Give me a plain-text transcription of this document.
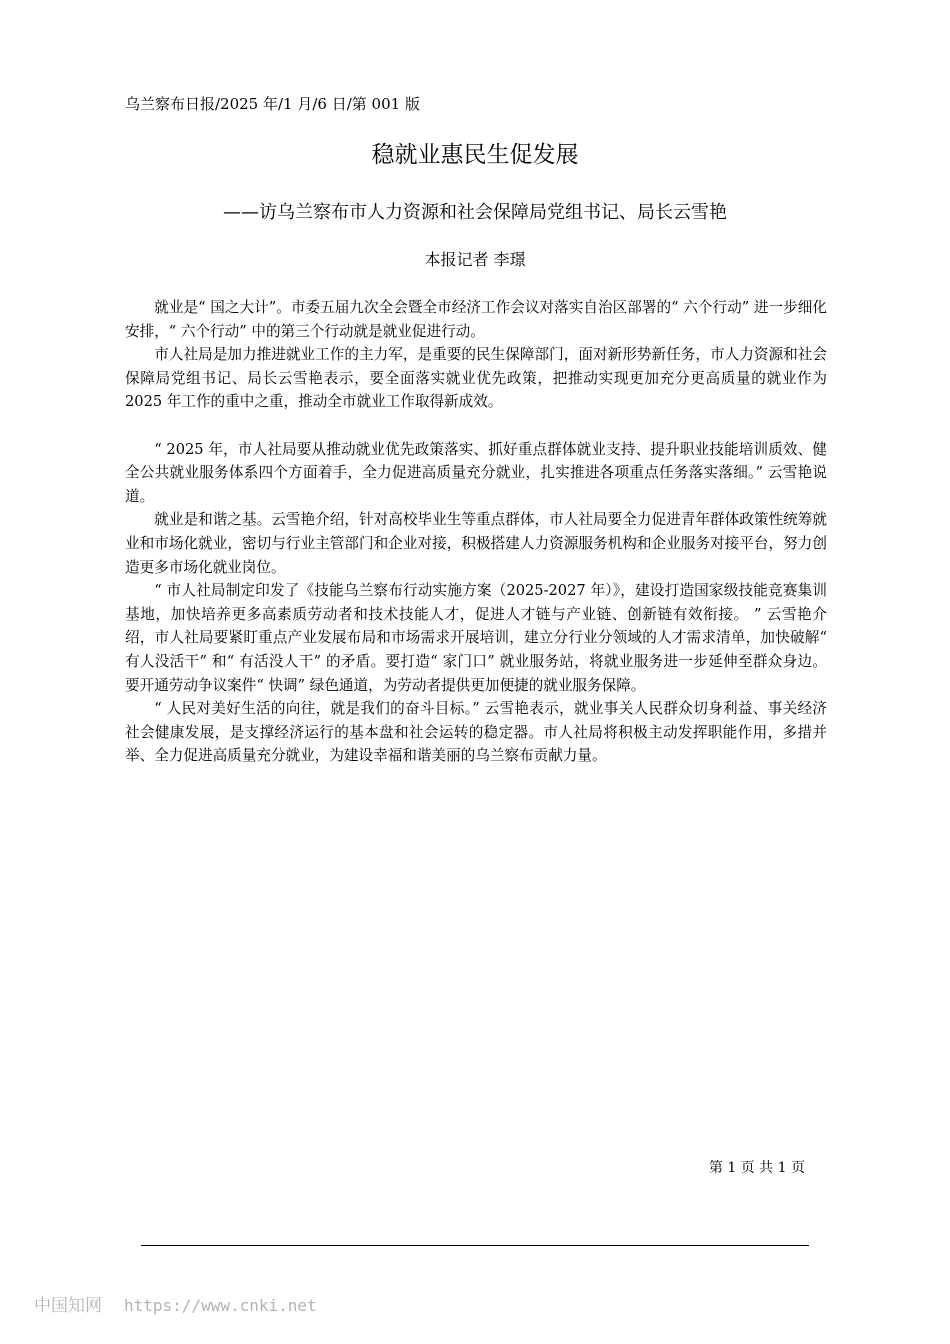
乌兰察布日报/2025 年/1 月/6 日/第 001 版
稳就业惠民生促发展
——访乌兰察布市人力资源和社会保障局党组书记、局长云雪艳
本报记者 李璟

就业是“ 国之大计”。市委五届九次全会暨全市经济工作会议对落实自治区部署的“ 六个行动” 进一步细化安排，“ 六个行动” 中的第三个行动就是就业促进行动。

市人社局是加力推进就业工作的主力军，是重要的民生保障部门，面对新形势新任务，市人力资源和社会保障局党组书记、局长云雪艳表示，要全面落实就业优先政策，把推动实现更加充分更高质量的就业作为 2025 年工作的重中之重，推动全市就业工作取得新成效。

“ 2025 年，市人社局要从推动就业优先政策落实、抓好重点群体就业支持、提升职业技能培训质效、健全公共就业服务体系四个方面着手，全力促进高质量充分就业，扎实推进各项重点任务落实落细。” 云雪艳说道。

就业是和谐之基。云雪艳介绍，针对高校毕业生等重点群体，市人社局要全力促进青年群体政策性统筹就业和市场化就业，密切与行业主管部门和企业对接，积极搭建人力资源服务机构和企业服务对接平台，努力创造更多市场化就业岗位。

“ 市人社局制定印发了《技能乌兰察布行动实施方案（2025-2027 年）》，建设打造国家级技能竞赛集训基地，加快培养更多高素质劳动者和技术技能人才，促进人才链与产业链、创新链有效衔接。 ” 云雪艳介绍，市人社局要紧盯重点产业发展布局和市场需求开展培训，建立分行业分领域的人才需求清单，加快破解“ 有人没活干” 和“ 有活没人干” 的矛盾。要打造“ 家门口” 就业服务站，将就业服务进一步延伸至群众身边。要开通劳动争议案件“ 快调” 绿色通道，为劳动者提供更加便捷的就业服务保障。

“ 人民对美好生活的向往，就是我们的奋斗目标。” 云雪艳表示，就业事关人民群众切身利益、事关经济社会健康发展，是支撑经济运行的基本盘和社会运转的稳定器。市人社局将积极主动发挥职能作用，多措并举、全力促进高质量充分就业，为建设幸福和谐美丽的乌兰察布贡献力量。

第 1 页 共 1 页
中国知网 https://www.cnki.net
